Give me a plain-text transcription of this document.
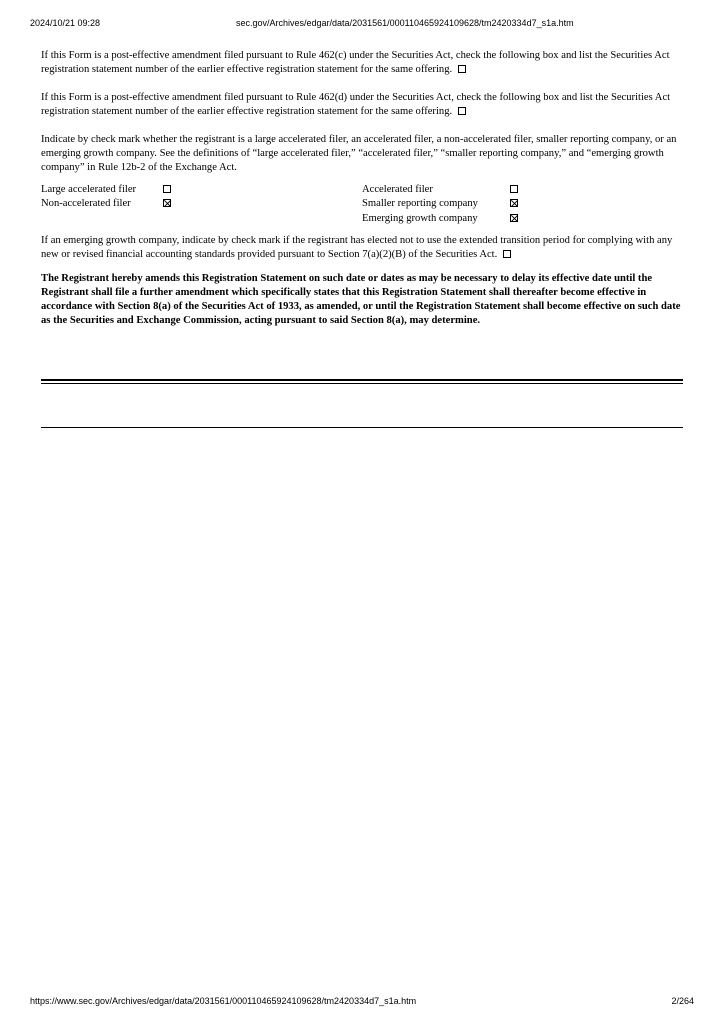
2024/10/21 09:28	sec.gov/Archives/edgar/data/2031561/000110465924109628/tm2420334d7_s1a.htm

If this Form is a post-effective amendment filed pursuant to Rule 462(c) under the Securities Act, check the following box and list the Securities Act registration statement number of the earlier effective registration statement for the same offering.

If this Form is a post-effective amendment filed pursuant to Rule 462(d) under the Securities Act, check the following box and list the Securities Act registration statement number of the earlier effective registration statement for the same offering.

Indicate by check mark whether the registrant is a large accelerated filer, an accelerated filer, a non-accelerated filer, smaller reporting company, or an emerging growth company. See the definitions of “large accelerated filer,” “accelerated filer,” “smaller reporting company,” and “emerging growth company” in Rule 12b-2 of the Exchange Act.

Large accelerated filer
Non-accelerated filer
Accelerated filer
Smaller reporting company
Emerging growth company

If an emerging growth company, indicate by check mark if the registrant has elected not to use the extended transition period for complying with any new or revised financial accounting standards provided pursuant to Section 7(a)(2)(B) of the Securities Act.

The Registrant hereby amends this Registration Statement on such date or dates as may be necessary to delay its effective date until the Registrant shall file a further amendment which specifically states that this Registration Statement shall thereafter become effective in accordance with Section 8(a) of the Securities Act of 1933, as amended, or until the Registration Statement shall become effective on such date as the Securities and Exchange Commission, acting pursuant to said Section 8(a), may determine.

https://www.sec.gov/Archives/edgar/data/2031561/000110465924109628/tm2420334d7_s1a.htm	2/264
